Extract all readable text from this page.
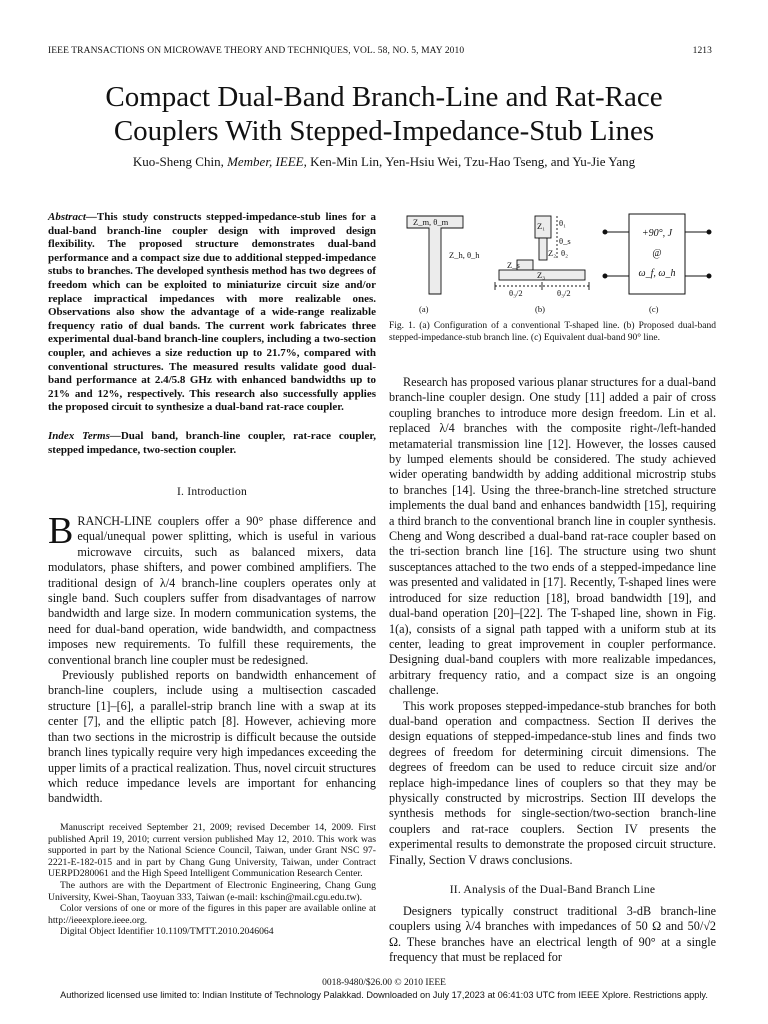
IEEE TRANSACTIONS ON MICROWAVE THEORY AND TECHNIQUES, VOL. 58, NO. 5, MAY 2010	1213
Compact Dual-Band Branch-Line and Rat-Race
Couplers With Stepped-Impedance-Stub Lines
Kuo-Sheng Chin, Member, IEEE, Ken-Min Lin, Yen-Hsiu Wei, Tzu-Hao Tseng, and Yu-Jie Yang
Abstract—This study constructs stepped-impedance-stub lines for a dual-band branch-line coupler design with improved design flexibility. The proposed structure demonstrates dual-band performance and a compact size due to additional stepped-impedance stubs to branches. The developed synthesis method has two degrees of freedom which can be exploited to miniaturize circuit size and/or replace impractical impedances with more realizable ones. Observations also show the advantage of a wide-range realizable frequency ratio of dual bands. The current work fabricates three experimental dual-band branch-line couplers, including a two-section coupler, and achieves a size reduction up to 21.7%, compared with conventional structures. The measured results validate good dual-band performance at 2.4/5.8 GHz with enhanced bandwidths up to 21% and 12%, respectively. This research also successfully applies the proposed circuit to synthesize a dual-band rat-race coupler.
Index Terms—Dual band, branch-line coupler, rat-race coupler, stepped impedance, two-section coupler.
I. Introduction

BRANCH-LINE couplers offer a 90° phase difference and equal/unequal power splitting, which is useful in various microwave circuits, such as balanced mixers, data modulators, phase shifters, and power combined amplifiers. The traditional design of λ/4 branch-line couplers operates only at single band. Such couplers suffer from disadvantages of narrow bandwidth and large size. In modern communication systems, the need for dual-band operation, wide bandwidth, and compactness imposes new requirements. To fulfill these requirements, the conventional branch line coupler must be redesigned.

Previously published reports on bandwidth enhancement of branch-line couplers, include using a multisection cascaded structure [1]–[6], a parallel-strip branch line with a swap at its center [7], and the elliptic patch [8]. However, achieving more than two sections in the microstrip is difficult because the outside branch lines typically require very high impedances exceeding the upper limits of a practical realization. Thus, novel circuit structures which reduce impedance levels are important for enhancing bandwidth.

Manuscript received September 21, 2009; revised December 14, 2009. First published April 19, 2010; current version published May 12, 2010. This work was supported in part by the National Science Council, Taiwan, under Grant NSC 97-2221-E-182-015 and in part by Chang Gung University, Taiwan, under Contract UERPD280061 and the High Speed Intelligent Communication Research Center.

The authors are with the Department of Electronic Engineering, Chang Gung University, Kwei-Shan, Taoyuan 333, Taiwan (e-mail: kschin@mail.cgu.edu.tw).

Color versions of one or more of the figures in this paper are available online at http://ieeexplore.ieee.org.

Digital Object Identifier 10.1109/TMTT.2010.2046064

Z_m, θ_m
Z_h, θ_h
(a)
Z₁ θ₁
θ_s
Z₂ θ₂
Z_s
Z₃
θ₃/2	θ₃/2
(b)
+90°, J
@
ω_f, ω_h
(c)
Fig. 1. (a) Configuration of a conventional T-shaped line. (b) Proposed dual-band stepped-impedance-stub branch line. (c) Equivalent dual-band 90° line.

Research has proposed various planar structures for a dual-band branch-line coupler design. One study [11] added a pair of cross coupling branches to introduce more design freedom. Lin et al. replaced λ/4 branches with the composite right-/left-handed metamaterial transmission line [12]. However, the losses caused by lumped elements should be considered. The study achieved wider operating bandwidth by adding additional microstrip stubs to branches [14]. Using the three-branch-line stretched structure implements the dual band and enhances bandwidth [15], requiring a third branch to the conventional branch line in coupler synthesis. Cheng and Wong described a dual-band rat-race coupler based on the tri-section branch line [16]. The structure using two shunt susceptances attached to the two ends of a stepped-impedance line was presented and validated in [17]. Recently, T-shaped lines were introduced for size reduction [18], broad bandwidth [19], and dual-band operation [20]–[22]. The T-shaped line, shown in Fig. 1(a), consists of a signal path tapped with a uniform stub at its center, leading to great improvement in coupler performance. Designing dual-band couplers with more realizable impedances, arbitrary frequency ratio, and a compact size is an ongoing challenge.

This work proposes stepped-impedance-stub branches for both dual-band operation and compactness. Section II derives the design equations of stepped-impedance-stub lines and finds two degrees of freedom for determining circuit dimensions. The degrees of freedom can be used to reduce circuit size and/or replace high-impedance lines of couplers so that they may be physically constructed by microstrips. Section III develops the synthesis methods for single-section/two-section branch-line couplers and rat-race couplers. Section IV presents the experimental results to demonstrate the proposed circuit structure. Finally, Section V draws conclusions.

II. Analysis of the Dual-Band Branch Line

Designers typically construct traditional 3-dB branch-line couplers using λ/4 branches with impedances of 50 Ω and 50/√2 Ω. These branches have an electrical length of 90° at a single frequency that must be replaced for

0018-9480/$26.00 © 2010 IEEE
Authorized licensed use limited to: Indian Institute of Technology Palakkad. Downloaded on July 17,2023 at 06:41:03 UTC from IEEE Xplore. Restrictions apply.
